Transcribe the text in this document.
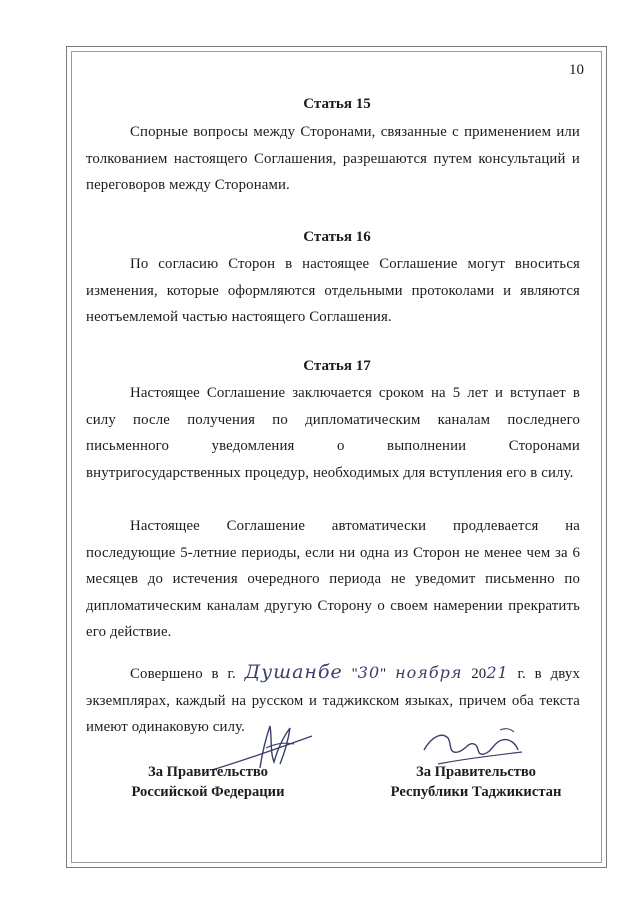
10
Статья 15

Спорные вопросы между Сторонами, связанные с применением или толкованием настоящего Соглашения, разрешаются путем консультаций и переговоров между Сторонами.

Статья 16

По согласию Сторон в настоящее Соглашение могут вноситься изменения, которые оформляются отдельными протоколами и являются неотъемлемой частью настоящего Соглашения.

Статья 17

Настоящее Соглашение заключается сроком на 5 лет и вступает в силу после получения по дипломатическим каналам последнего письменного уведомления о выполнении Сторонами внутригосударственных процедур, необходимых для вступления его в силу.

Настоящее Соглашение автоматически продлевается на последующие 5-летние периоды, если ни одна из Сторон не менее чем за 6 месяцев до истечения очередного периода не уведомит письменно по дипломатическим каналам другую Сторону о своем намерении прекратить его действие.

Совершено в г. Душанбе "30" ноября 2021 г. в двух экземплярах, каждый на русском и таджикском языках, причем оба текста имеют одинаковую силу.

За Правительство
Российской Федерации
За Правительство
Республики Таджикистан
